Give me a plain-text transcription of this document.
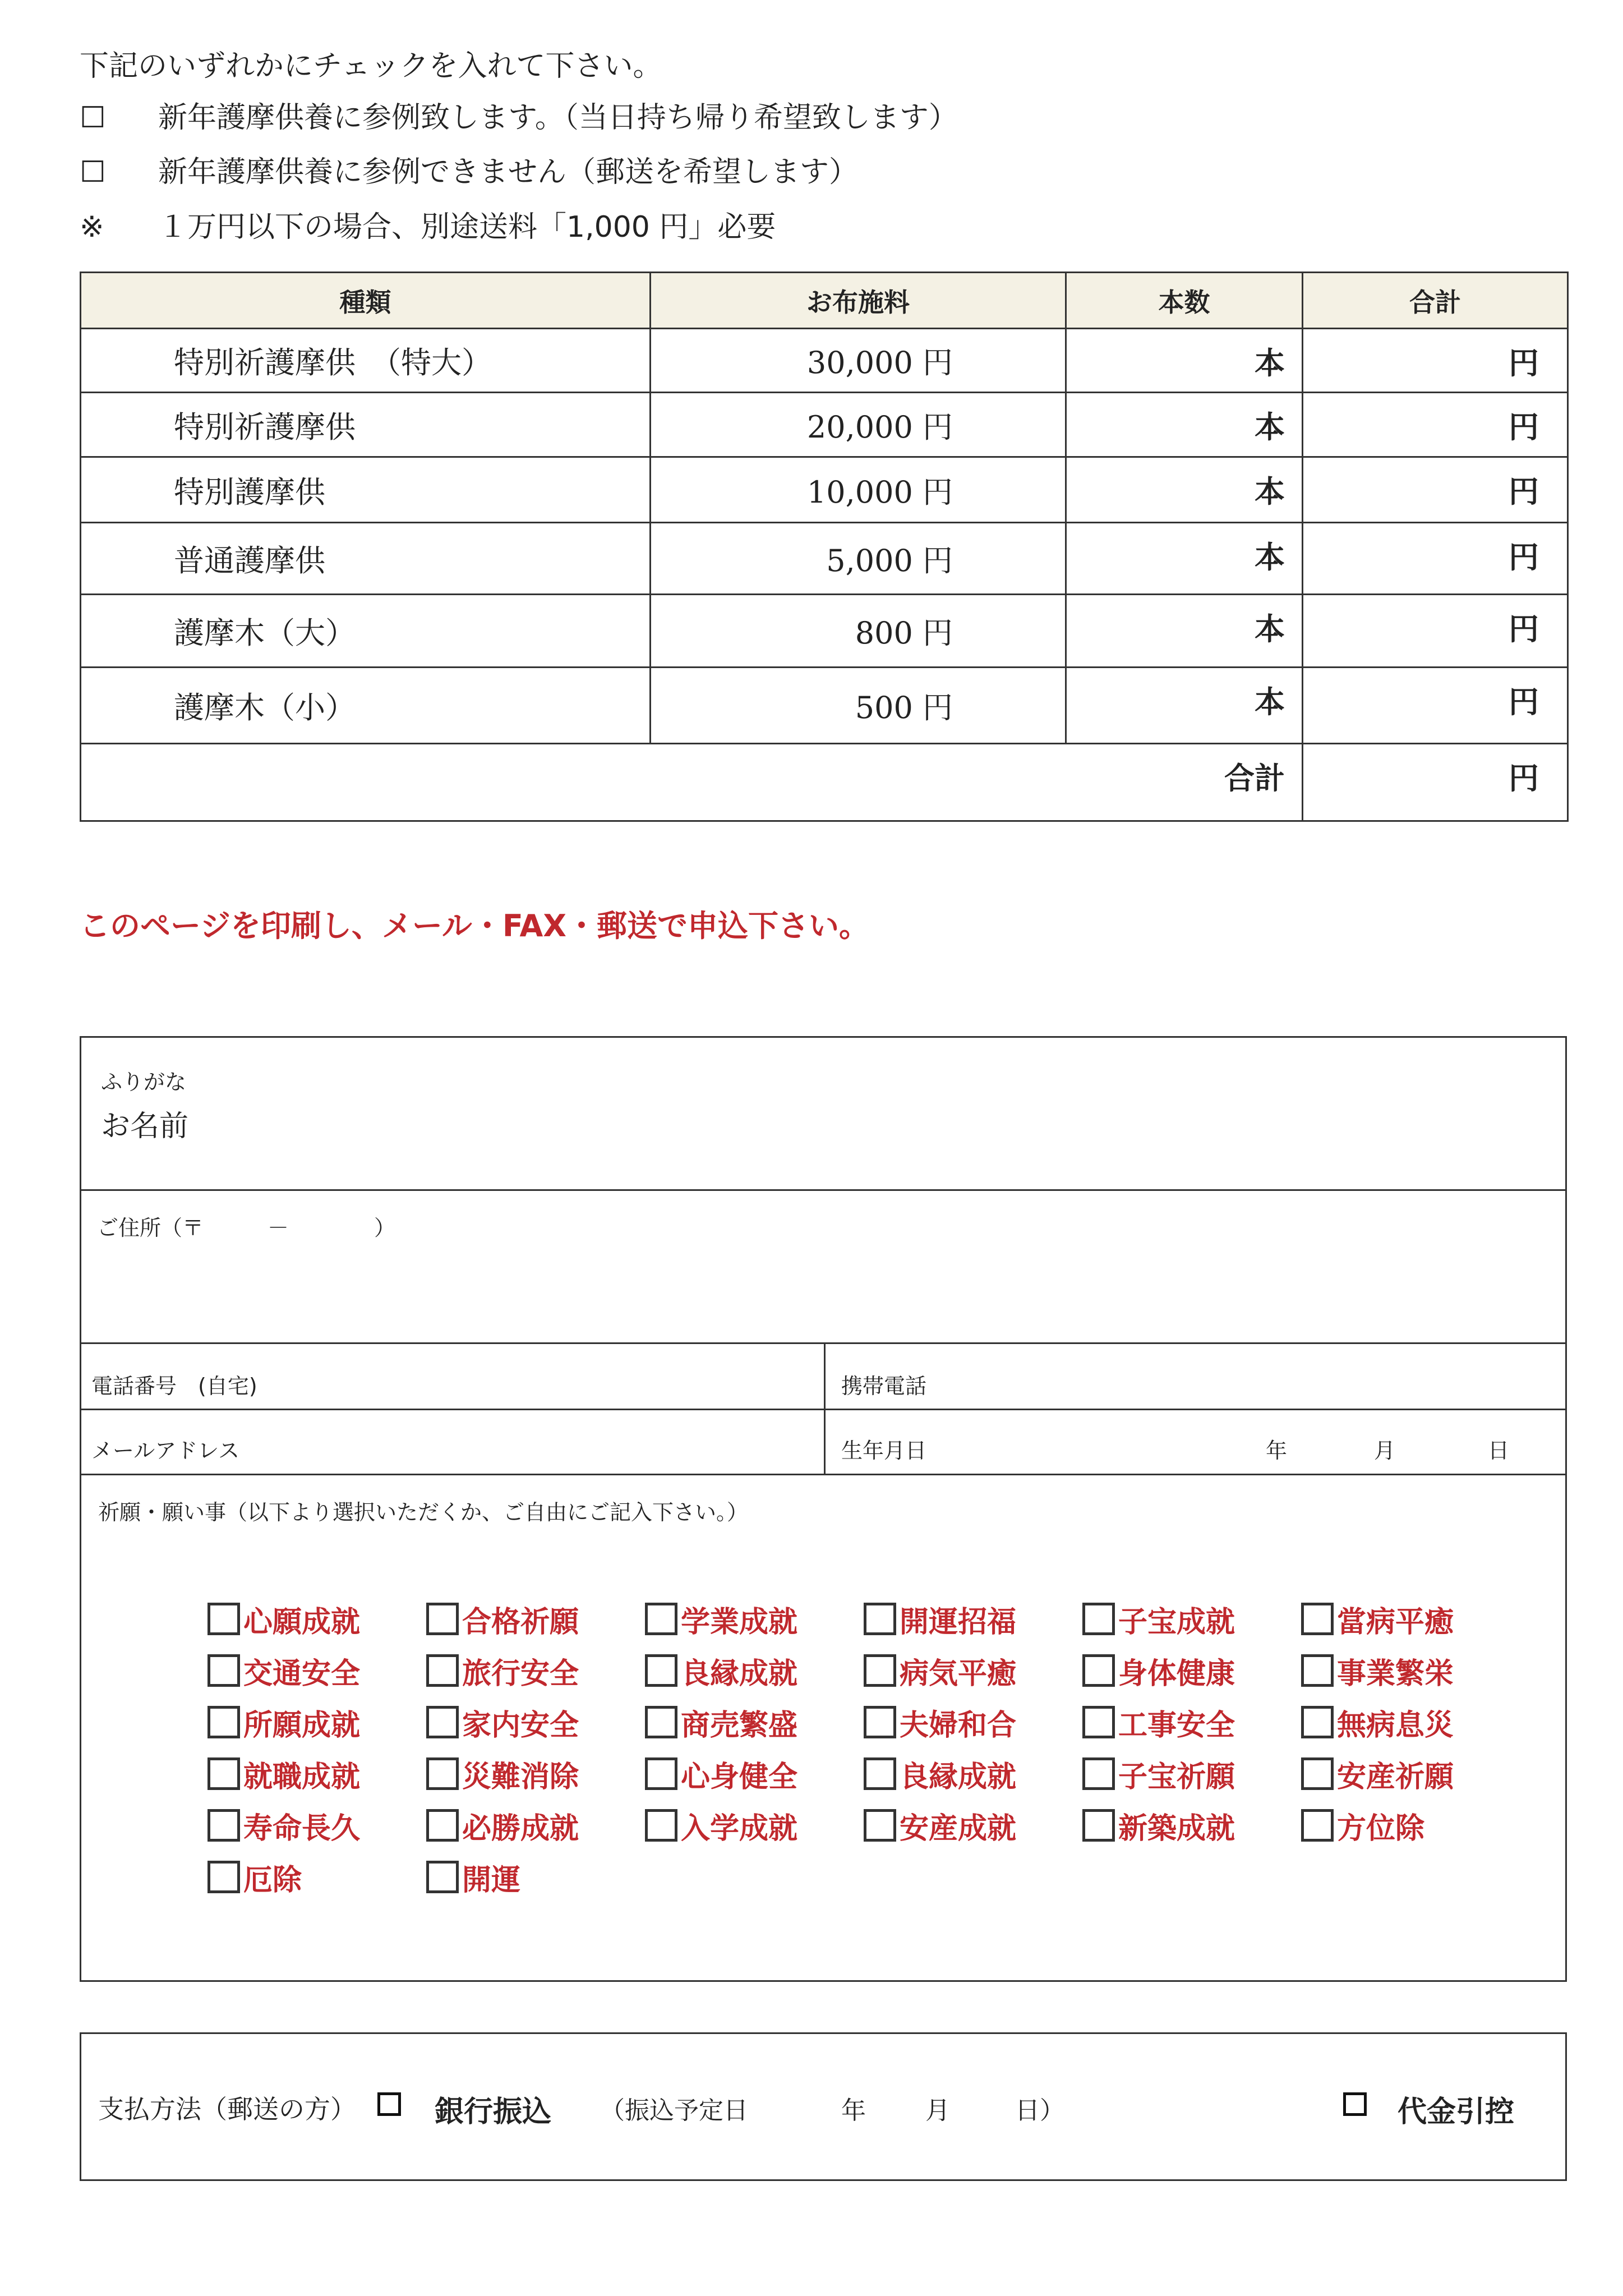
下記のいずれかにチェックを入れて下さい。
☐ 新年護摩供養に参例致します。（当日持ち帰り希望致します）
☐ 新年護摩供養に参例できません（郵送を希望します）
※ １万円以下の場合、別途送料「1,000 円」必要
種類	お布施料	本数	合計
特別祈護摩供　（特大）	30,000 円	本	円
特別祈護摩供	20,000 円	本	円
特別護摩供	10,000 円	本	円
普通護摩供	5,000 円	本	円
護摩木（大）	800 円	本	円
護摩木（小）	500 円	本	円
合計			円
このページを印刷し、メール・FAX・郵送で申込下さい。
ふりがな
お名前
ご住所（〒　　　－　　　　）
電話番号　(自宅)	携帯電話
メールアドレス	生年月日	年	月	日
祈願・願い事（以下より選択いただくか、ご自由にご記入下さい。）
心願成就	合格祈願	学業成就	開運招福	子宝成就	當病平癒
交通安全	旅行安全	良縁成就	病気平癒	身体健康	事業繁栄
所願成就	家内安全	商売繁盛	夫婦和合	工事安全	無病息災
就職成就	災難消除	心身健全	良縁成就	子宝祈願	安産祈願
寿命長久	必勝成就	入学成就	安産成就	新築成就	方位除
厄除	開運
支払方法（郵送の方）	銀行振込 （振込予定日	年 月	日）	代金引控
